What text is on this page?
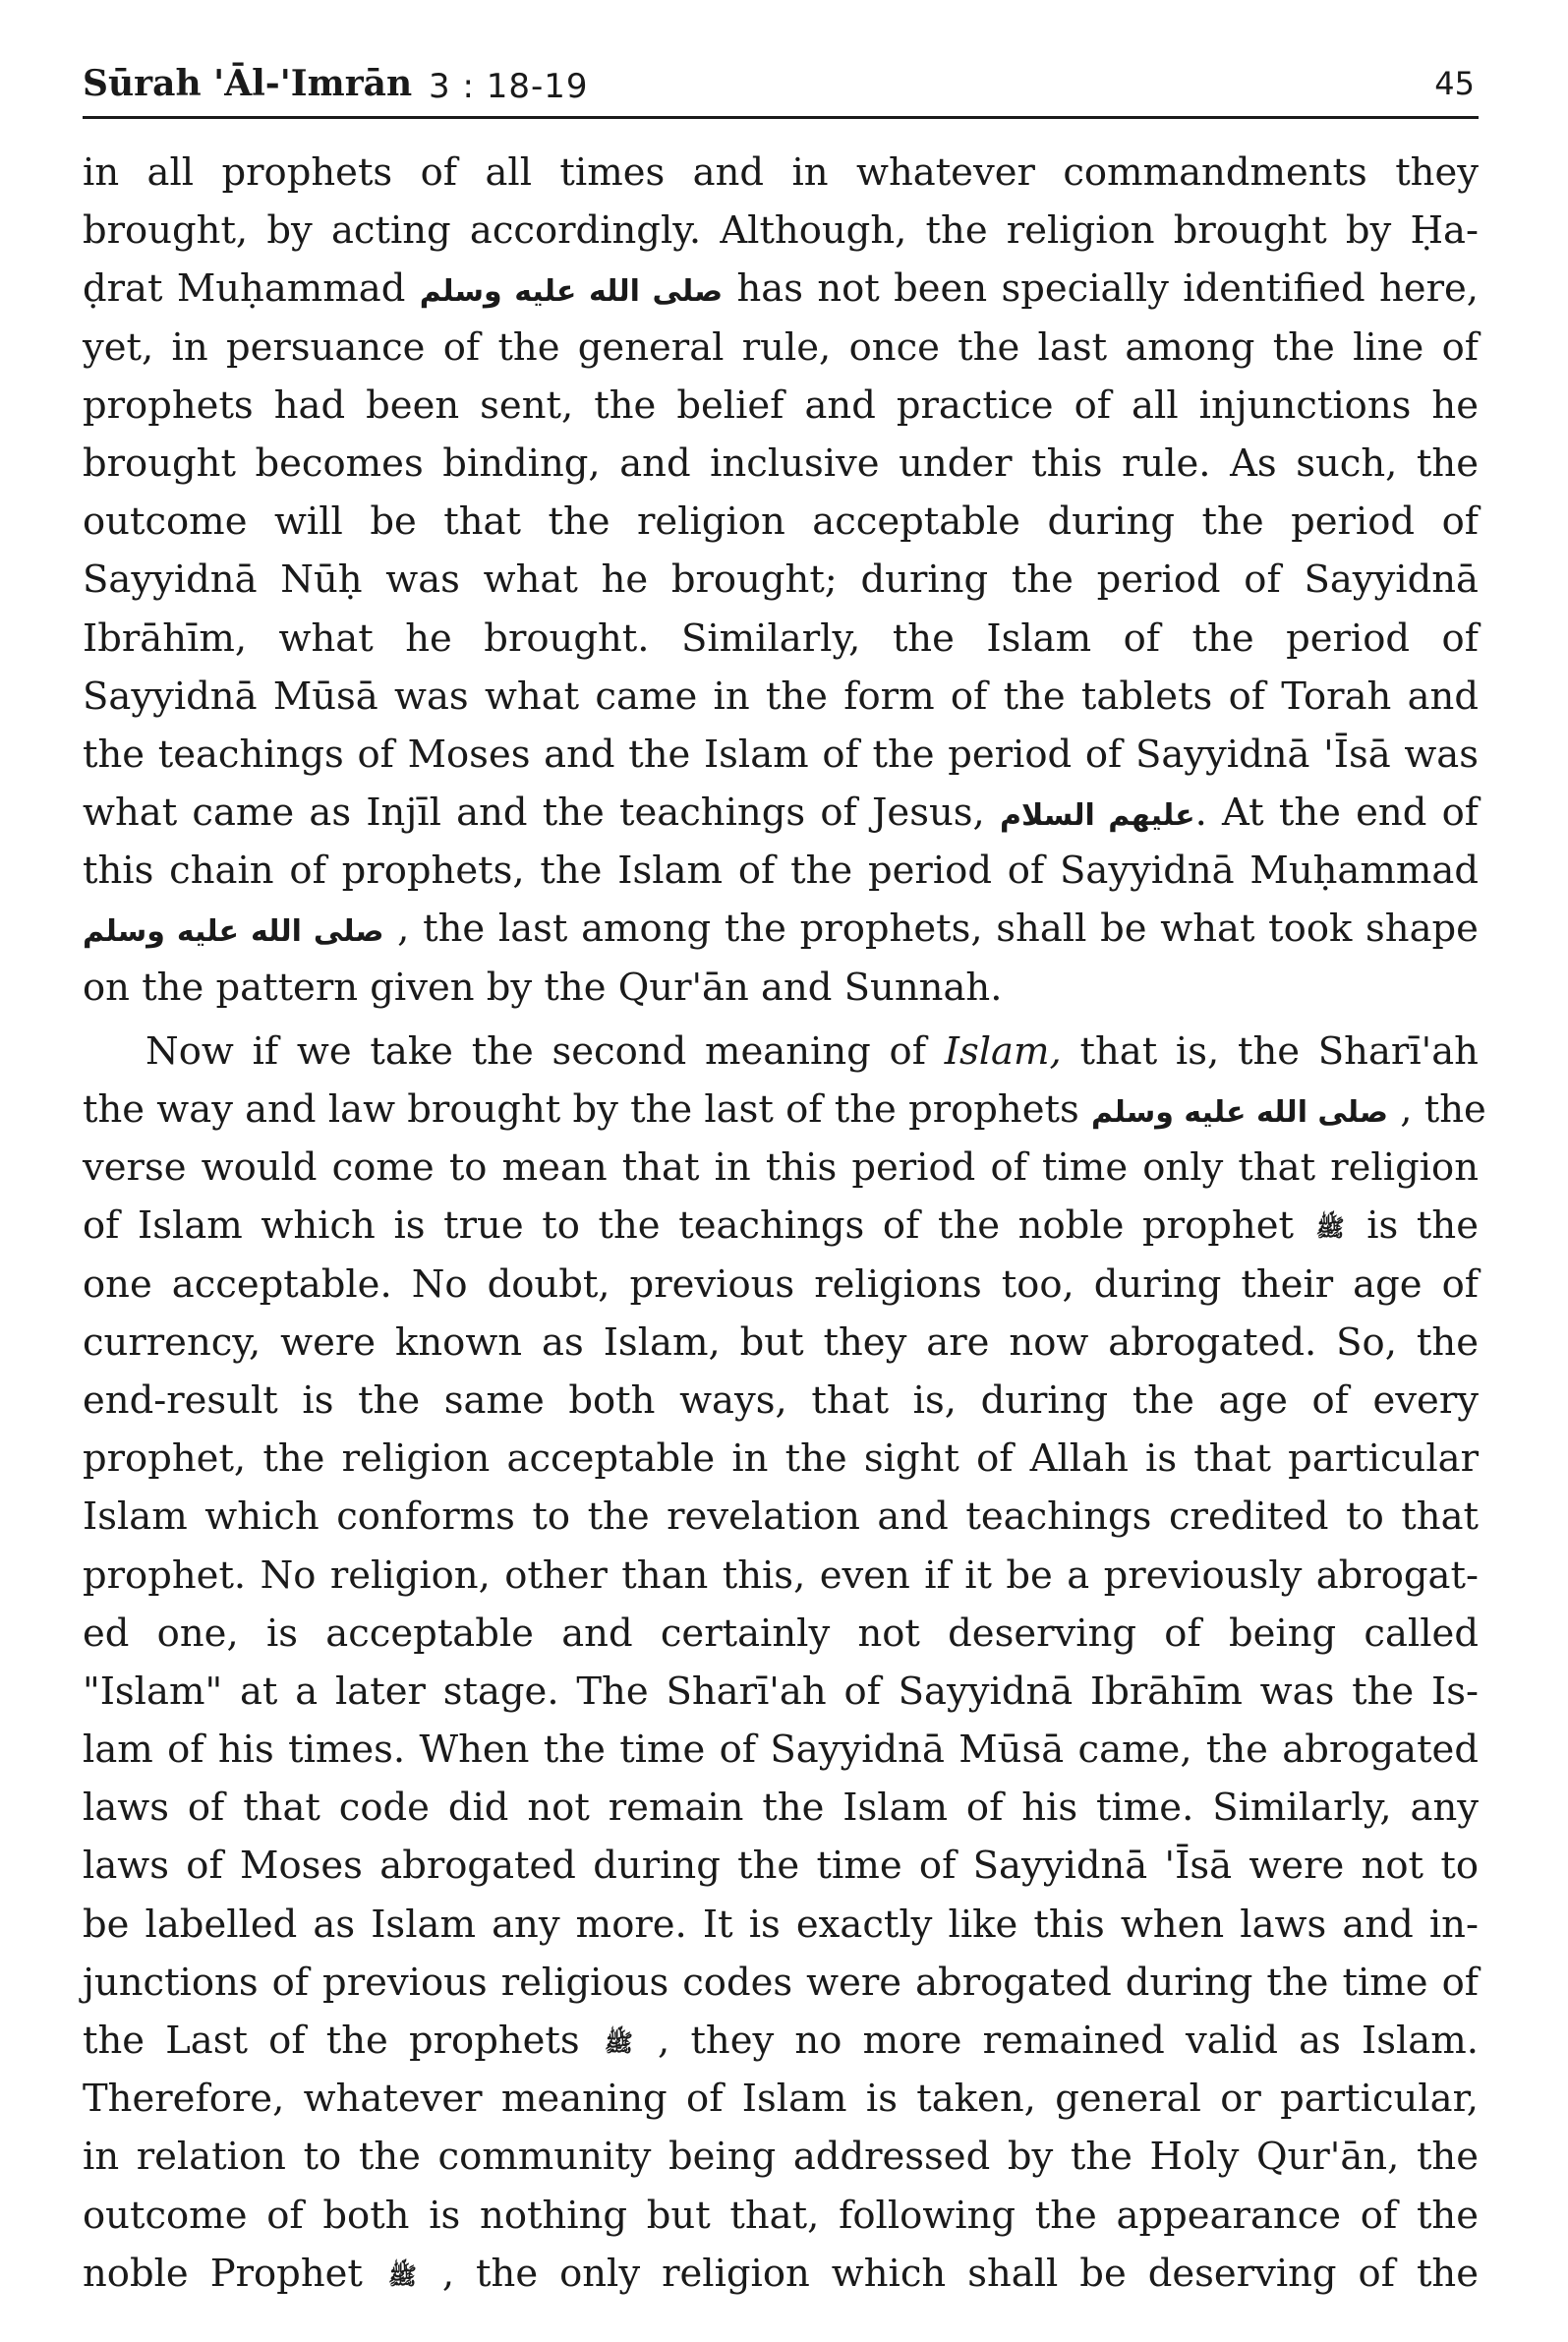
Sūrah 'Āl-'Imrān 3 : 18-19	45
in all prophets of all times and in whatever commandments they
brought, by acting accordingly. Although, the religion brought by Ḥa-
ḍrat Muḥammad صلى الله عليه وسلم has not been specially identified here,
yet, in persuance of the general rule, once the last among the line of
prophets had been sent, the belief and practice of all injunctions he
brought becomes binding, and inclusive under this rule. As such, the
outcome will be that the religion acceptable during the period of
Sayyidnā Nūḥ was what he brought; during the period of Sayyidnā
Ibrāhīm, what he brought. Similarly, the Islam of the period of
Sayyidnā Mūsā was what came in the form of the tablets of Torah and
the teachings of Moses and the Islam of the period of Sayyidnā 'Īsā was
what came as Injīl and the teachings of Jesus, عليهم السلام. At the end of
this chain of prophets, the Islam of the period of Sayyidnā Muḥammad
صلى الله عليه وسلم , the last among the prophets, shall be what took shape
on the pattern given by the Qur'ān and Sunnah.
Now if we take the second meaning of Islam, that is, the Sharī'ah
the way and law brought by the last of the prophets صلى الله عليه وسلم , the
verse would come to mean that in this period of time only that religion
of Islam which is true to the teachings of the noble prophet ﷺ is the
one acceptable. No doubt, previous religions too, during their age of
currency, were known as Islam, but they are now abrogated. So, the
end-result is the same both ways, that is, during the age of every
prophet, the religion acceptable in the sight of Allah is that particular
Islam which conforms to the revelation and teachings credited to that
prophet. No religion, other than this, even if it be a previously abrogat-
ed one, is acceptable and certainly not deserving of being called
"Islam" at a later stage. The Sharī'ah of Sayyidnā Ibrāhīm was the Is-
lam of his times. When the time of Sayyidnā Mūsā came, the abrogated
laws of that code did not remain the Islam of his time. Similarly, any
laws of Moses abrogated during the time of Sayyidnā 'Īsā were not to
be labelled as Islam any more. It is exactly like this when laws and in-
junctions of previous religious codes were abrogated during the time of
the Last of the prophets ﷺ , they no more remained valid as Islam.
Therefore, whatever meaning of Islam is taken, general or particular,
in relation to the community being addressed by the Holy Qur'ān, the
outcome of both is nothing but that, following the appearance of the
noble Prophet ﷺ , the only religion which shall be deserving of the
